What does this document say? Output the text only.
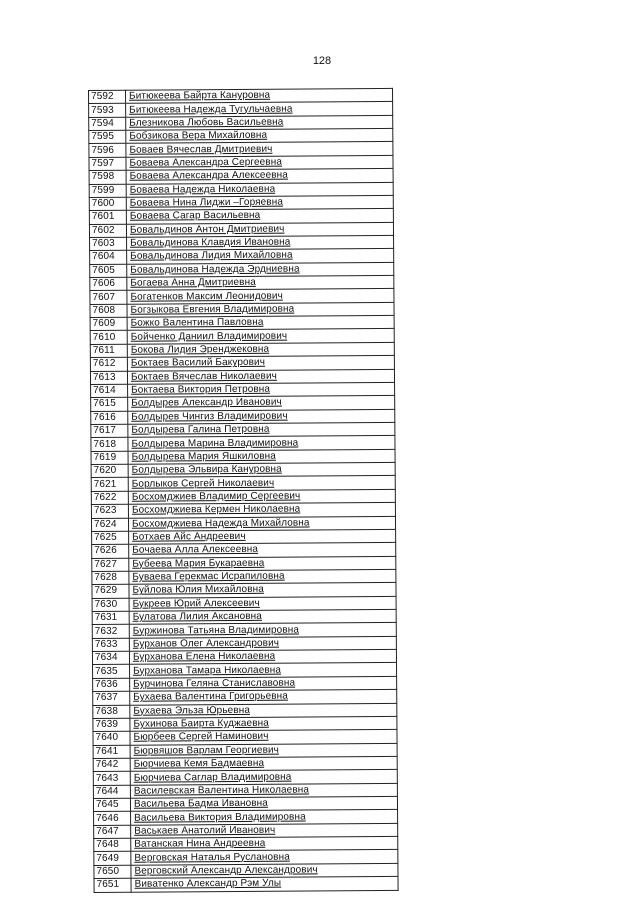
128
7592	Битюкеева Байрта Кануровна
7593	Битюкеева Надежда Тугульчаевна
7594	Блезникова Любовь Васильевна
7595	Бобзикова Вера Михайловна
7596	Боваев Вячеслав Дмитриевич
7597	Боваева Александра Сергеевна
7598	Боваева Александра Алексеевна
7599	Боваева Надежда Николаевна
7600	Боваева Нина Лиджи –Горяевна
7601	Боваева Сагар Васильевна
7602	Бовальдинов Антон Дмитриевич
7603	Бовальдинова Клавдия Ивановна
7604	Бовальдинова Лидия Михайловна
7605	Бовальдинова Надежда Эрдниевна
7606	Богаева Анна Дмитриевна
7607	Богатенков Максим Леонидович
7608	Богзыкова Евгения Владимировна
7609	Божко Валентина Павловна
7610	Бойченко Даниил Владимирович
7611	Бокова Лидия Эренджековна
7612	Боктаев Василий Бакурович
7613	Боктаев Вячеслав Николаевич
7614	Боктаева Виктория Петровна
7615	Болдырев Александр Иванович
7616	Болдырев Чингиз Владимирович
7617	Болдырева Галина Петровна
7618	Болдырева Марина Владимировна
7619	Болдырева Мария Яшкиловна
7620	Болдырева Эльвира Кануровна
7621	Борлыков Сергей Николаевич
7622	Босхомджиев Владимир Сергеевич
7623	Босхомджиева Кермен Николаевна
7624	Босхомджиева Надежда Михайловна
7625	Ботхаев Айс Андреевич
7626	Бочаева Алла Алексеевна
7627	Бубеева Мария Букараевна
7628	Буваева Герекмас Исрапиловна
7629	Буйлова Юлия Михайловна
7630	Букреев Юрий Алексеевич
7631	Булатова Лилия Аксановна
7632	Буржинова Татьяна Владимировна
7633	Бурханов Олег Александрович
7634	Бурханова Елена Николаевна
7635	Бурханова Тамара Николаевна
7636	Бурчинова Геляна Станиславовна
7637	Бухаева Валентина Григорьевна
7638	Бухаева Эльза Юрьевна
7639	Бухинова Баирта Куджаевна
7640	Бюрбеев Сергей Наминович
7641	Бюрвяшов Варлам Георгиевич
7642	Бюрчиева Кемя Бадмаевна
7643	Бюрчиева Саглар Владимировна
7644	Василевская Валентина Николаевна
7645	Васильева Бадма Ивановна
7646	Васильева Виктория Владимировна
7647	Васькаев Анатолий Иванович
7648	Ватанская Нина Андреевна
7649	Верговская Наталья Руслановна
7650	Верговский Александр Александрович
7651	Виватенко Александр Рэм Улы
